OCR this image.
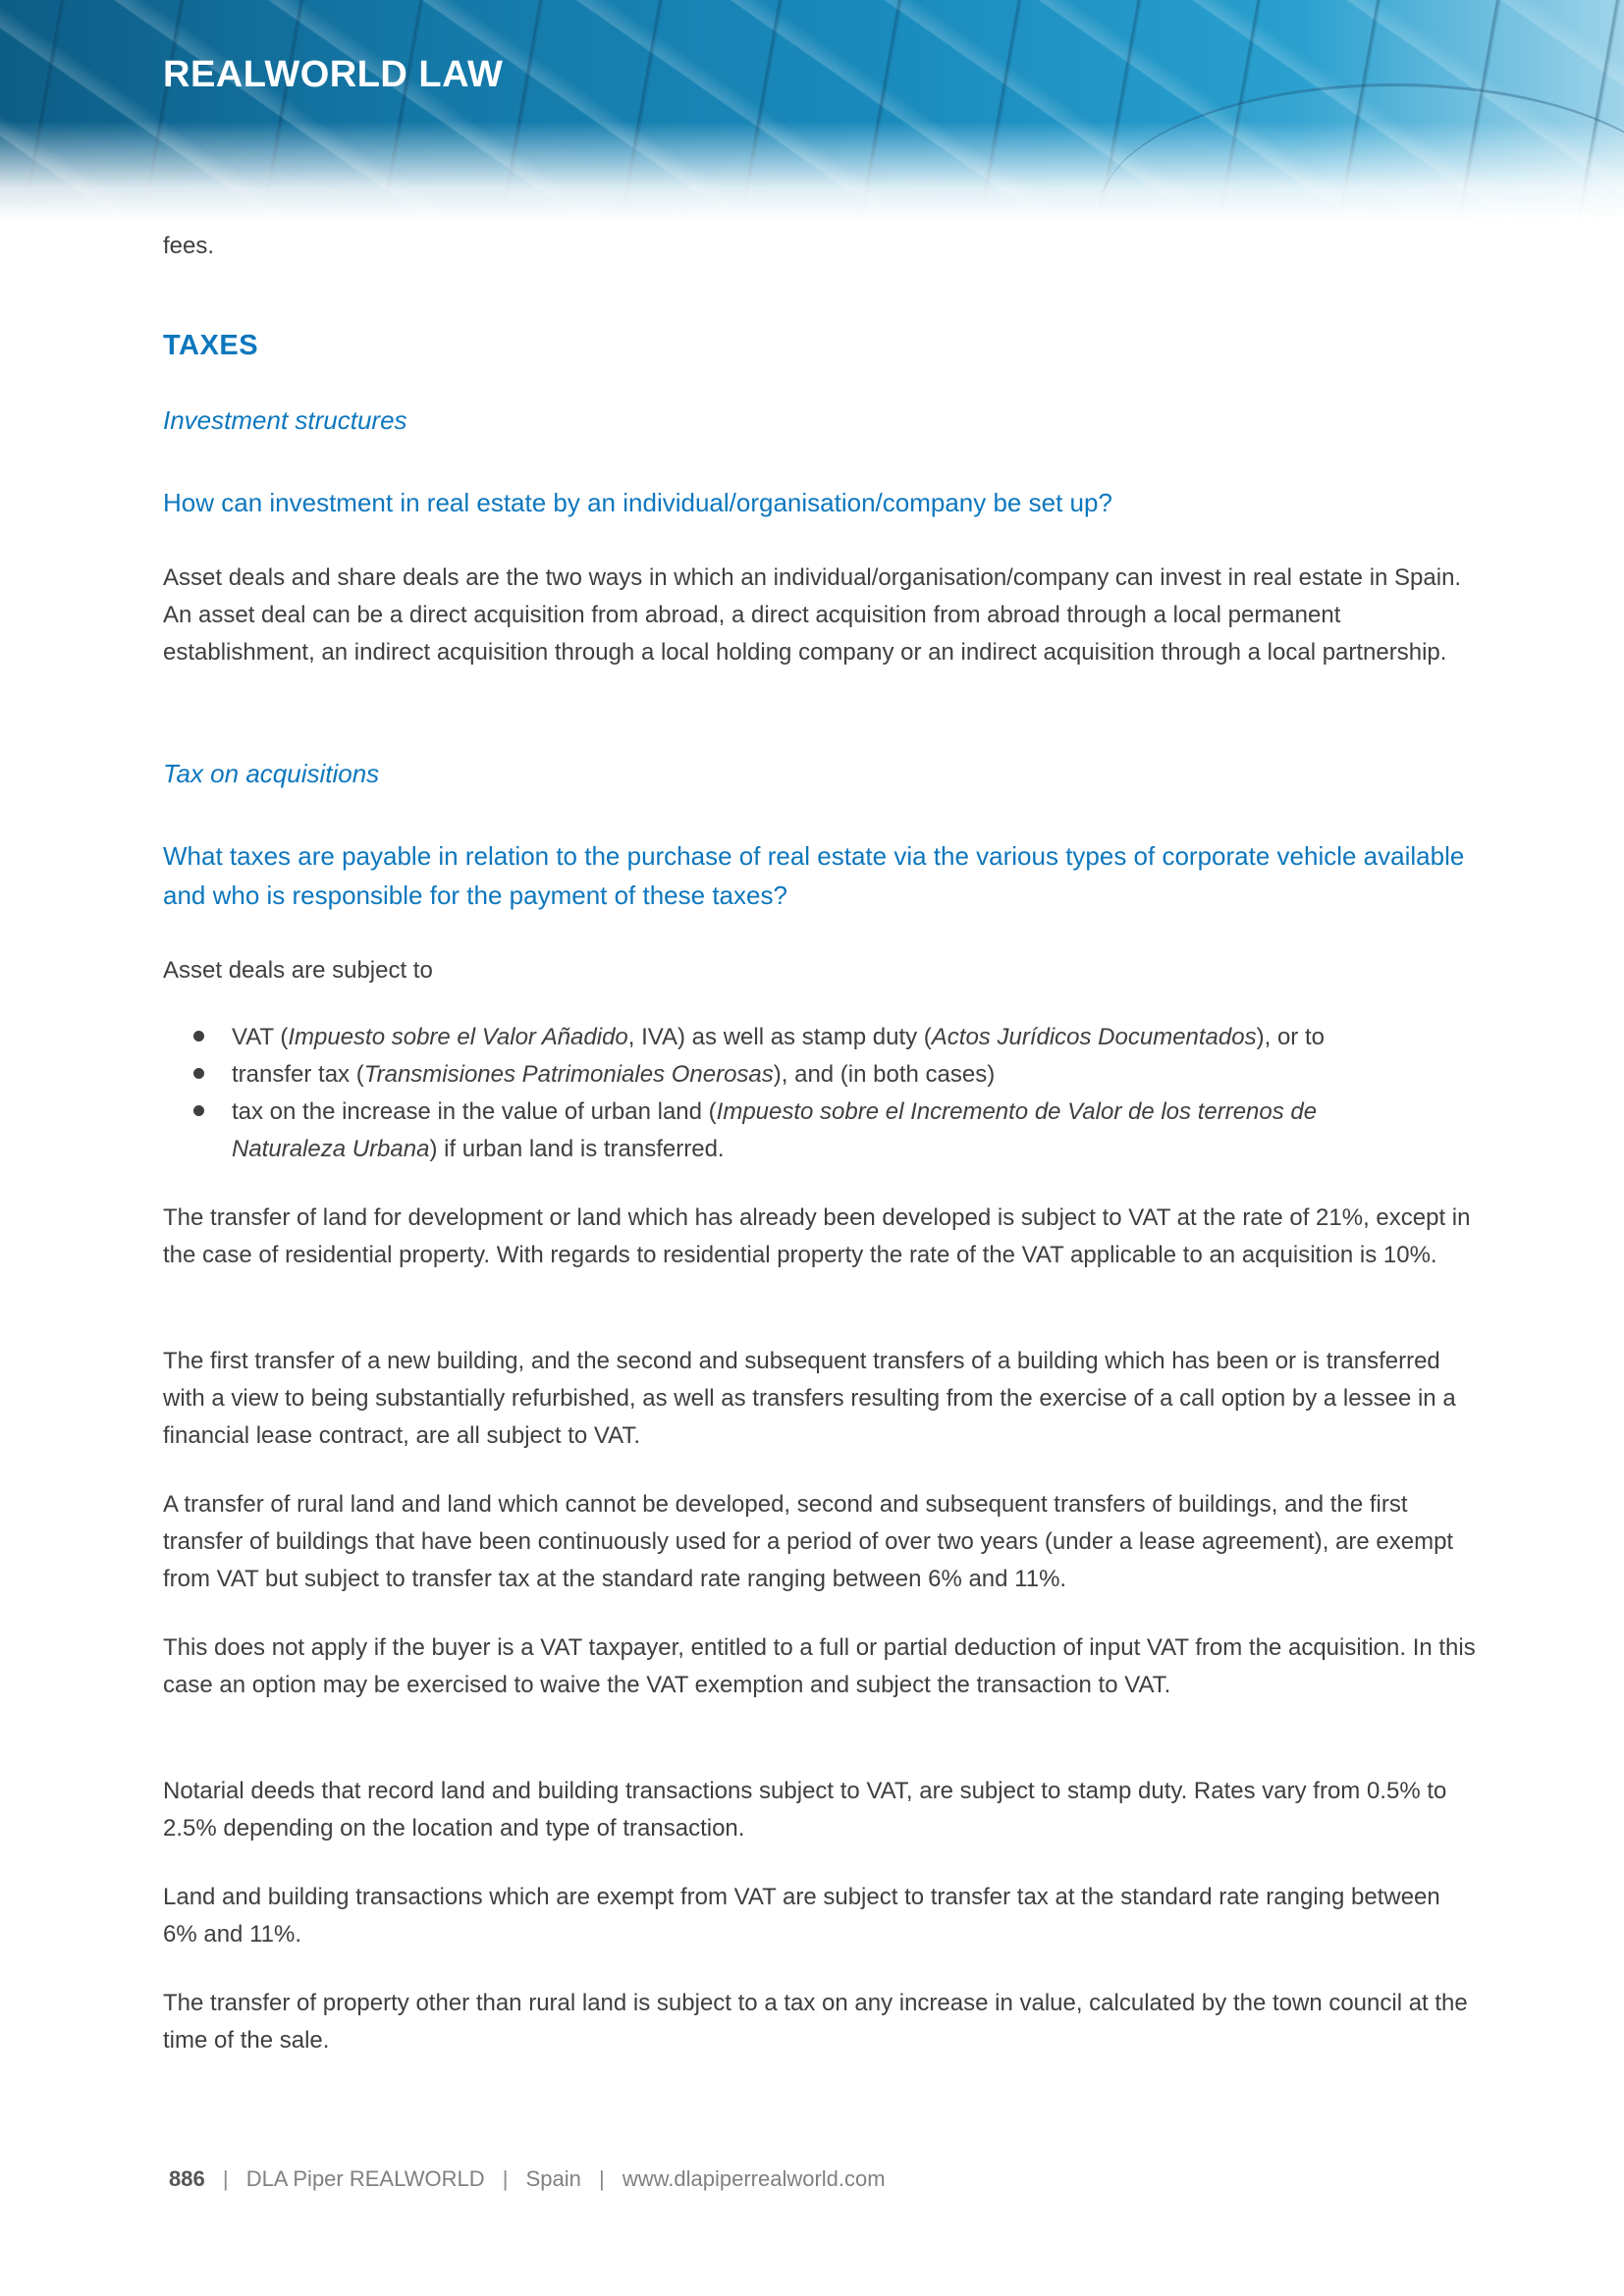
REALWORLD LAW
fees.
TAXES
Investment structures
How can investment in real estate by an individual/organisation/company be set up?
Asset deals and share deals are the two ways in which an individual/organisation/company can invest in real estate in Spain. An asset deal can be a direct acquisition from abroad, a direct acquisition from abroad through a local permanent establishment, an indirect acquisition through a local holding company or an indirect acquisition through a local partnership.
Tax on acquisitions
What taxes are payable in relation to the purchase of real estate via the various types of corporate vehicle available and who is responsible for the payment of these taxes?
Asset deals are subject to
VAT (Impuesto sobre el Valor Añadido, IVA) as well as stamp duty (Actos Jurídicos Documentados), or to
transfer tax (Transmisiones Patrimoniales Onerosas), and (in both cases)
tax on the increase in the value of urban land (Impuesto sobre el Incremento de Valor de los terrenos de Naturaleza Urbana) if urban land is transferred.
The transfer of land for development or land which has already been developed is subject to VAT at the rate of 21%, except in the case of residential property. With regards to residential property the rate of the VAT applicable to an acquisition is 10%.
The first transfer of a new building, and the second and subsequent transfers of a building which has been or is transferred with a view to being substantially refurbished, as well as transfers resulting from the exercise of a call option by a lessee in a financial lease contract, are all subject to VAT.
A transfer of rural land and land which cannot be developed, second and subsequent transfers of buildings, and the first transfer of buildings that have been continuously used for a period of over two years (under a lease agreement), are exempt from VAT but subject to transfer tax at the standard rate ranging between 6% and 11%.
This does not apply if the buyer is a VAT taxpayer, entitled to a full or partial deduction of input VAT from the acquisition. In this case an option may be exercised to waive the VAT exemption and subject the transaction to VAT.
Notarial deeds that record land and building transactions subject to VAT, are subject to stamp duty. Rates vary from 0.5% to 2.5% depending on the location and type of transaction.
Land and building transactions which are exempt from VAT are subject to transfer tax at the standard rate ranging between 6% and 11%.
The transfer of property other than rural land is subject to a tax on any increase in value, calculated by the town council at the time of the sale.
886 | DLA Piper REALWORLD | Spain | www.dlapiperrealworld.com
